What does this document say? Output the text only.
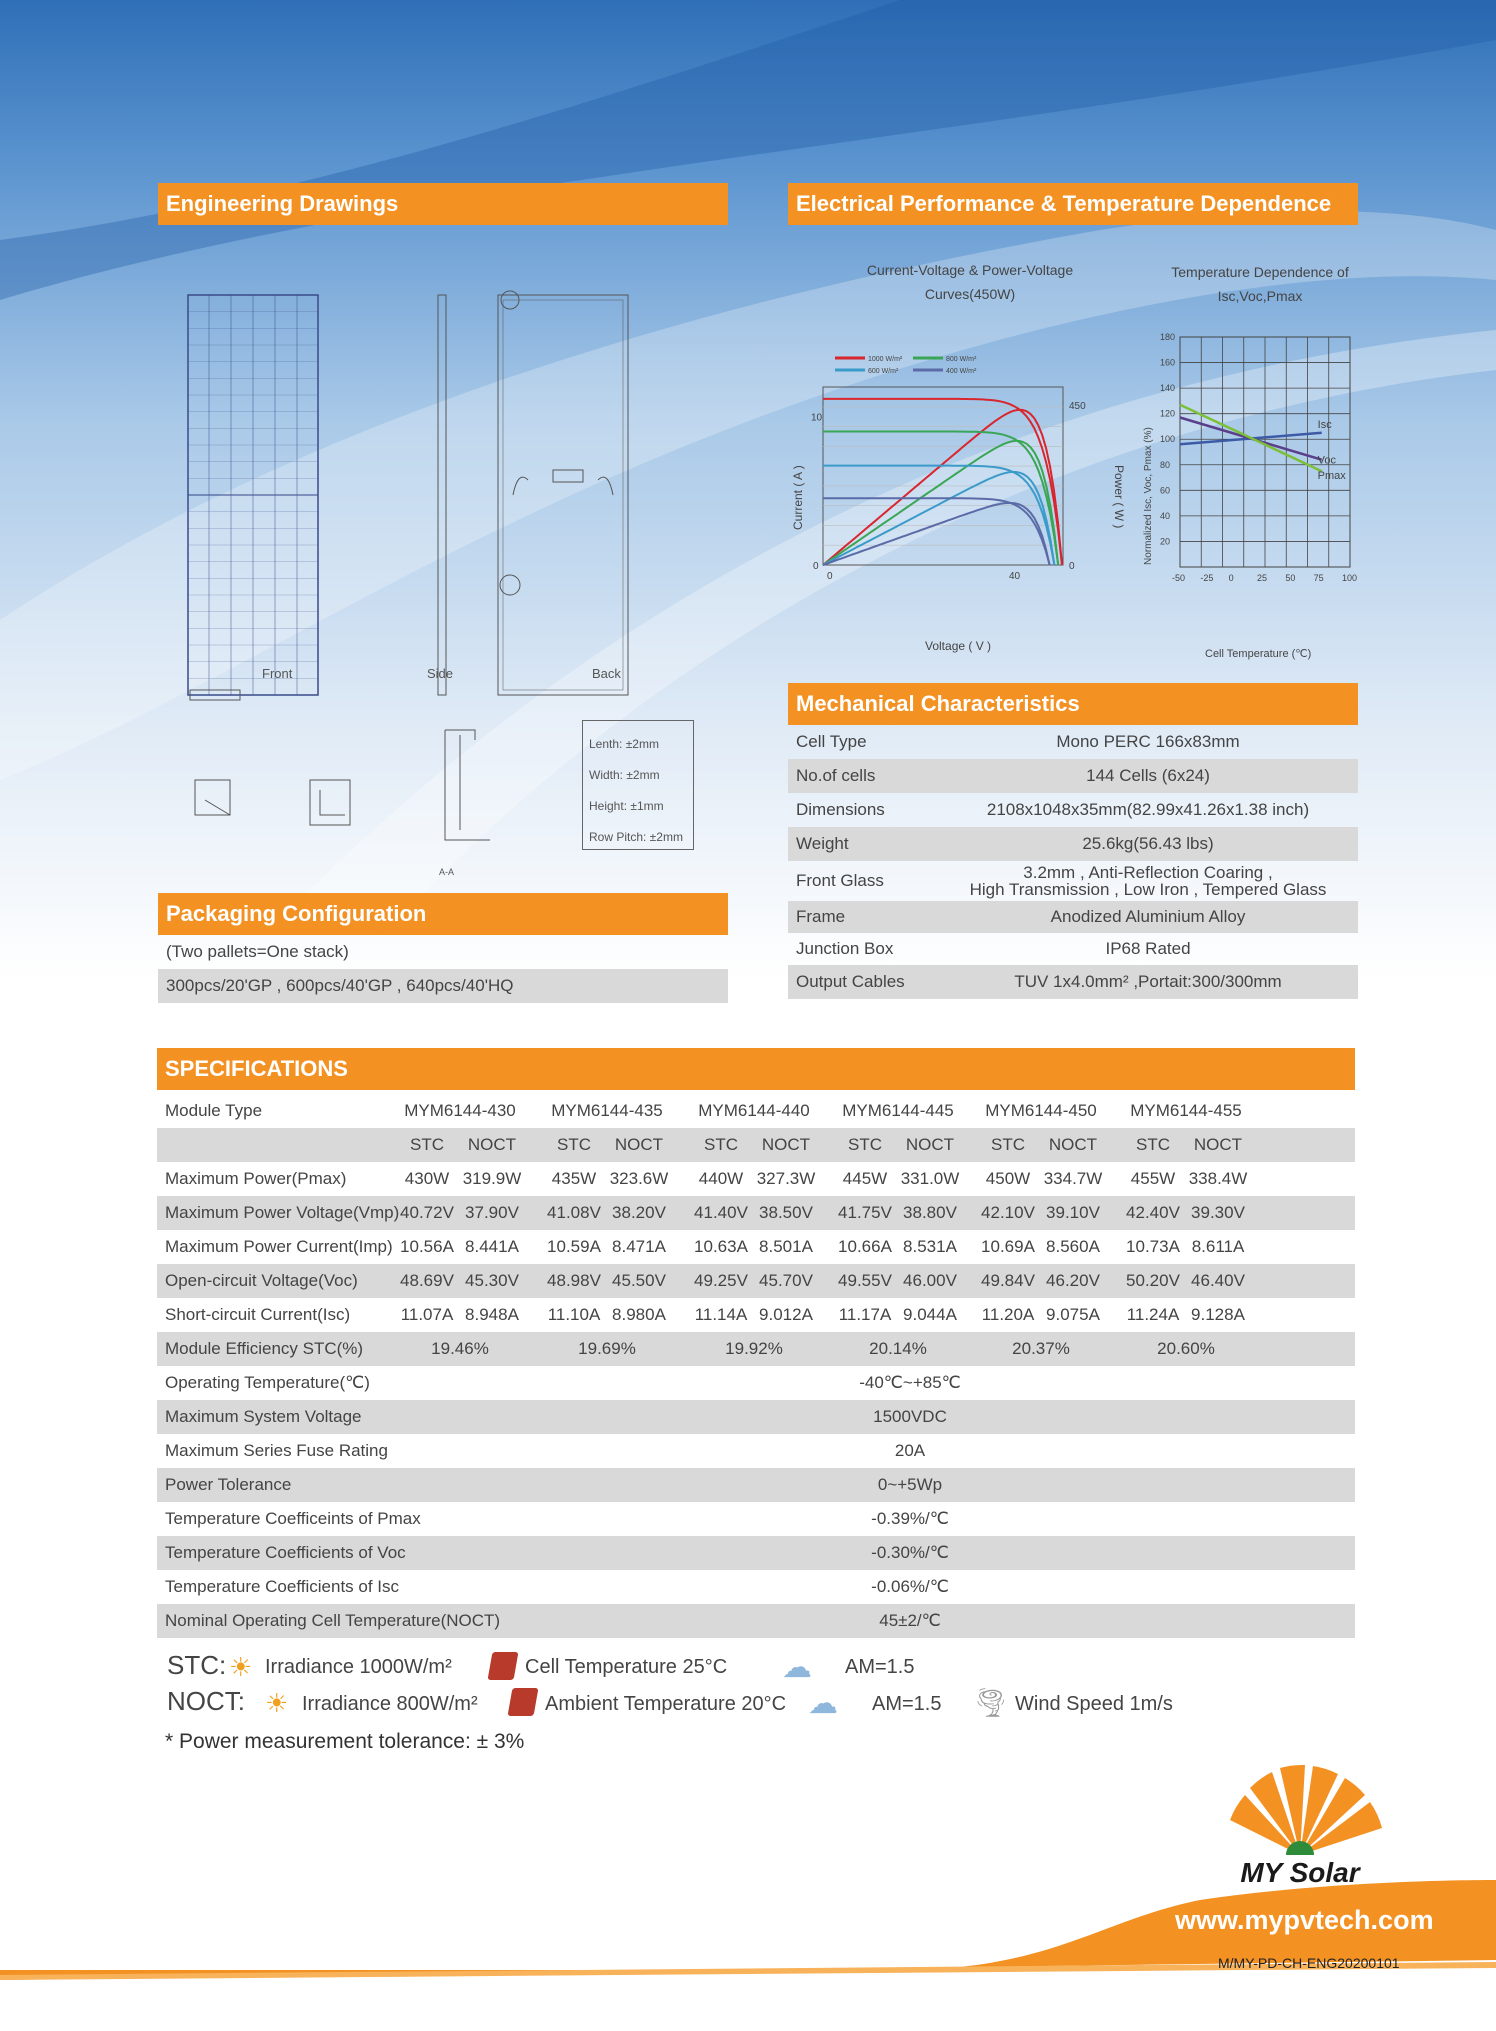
Engineering Drawings
Front	Side	Back
A-A
Lenth: ±2mm
Width: ±2mm
Height: ±1mm
Row Pitch: ±2mm
Packaging Configuration
(Two pallets=One stack)
300pcs/20'GP , 600pcs/40'GP , 640pcs/40'HQ
Electrical Performance & Temperature Dependence
Current-Voltage & Power-Voltage Curves(450W)
1000 W/m²	800 W/m²
600 W/m²	400 W/m²
0
10
0	40
0
450
Voltage ( V )
Current ( A )	Power ( W )
Temperature Dependence of Isc,Voc,Pmax
20
40
60
80
100
120
140
160
180
-50 -25 0	25 50 75 100
Isc
Voc
Pmax
Cell Temperature (℃)
Normalized Isc, Voc, Pmax (%)
Mechanical Characteristics
Cell Type	Mono PERC 166x83mm
No.of cells	144 Cells (6x24)
Dimensions	2108x1048x35mm(82.99x41.26x1.38 inch)
Weight	25.6kg(56.43 lbs)
Front Glass	3.2mm , Anti-Reflection Coaring ,
High Transmission , Low Iron , Tempered Glass
Frame	Anodized Aluminium Alloy
Junction Box	IP68 Rated
Output Cables	TUV 1x4.0mm² ,Portait:300/300mm
SPECIFICATIONS
Module Type	MYM6144-430	MYM6144-435	MYM6144-440	MYM6144-445	MYM6144-450	MYM6144-455
STC	NOCT	STC	NOCT	STC	NOCT	STC	NOCT	STC	NOCT	STC	NOCT
Maximum Power(Pmax)	430W 319.9W	435W 323.6W	440W 327.3W	445W 331.0W	450W 334.7W	455W 338.4W
Maximum Power Voltage(Vmp) 40.72V 37.90V	41.08V 38.20V	41.40V 38.50V	41.75V 38.80V	42.10V 39.10V	42.40V 39.30V
Maximum Power Current(Imp) 10.56A 8.441A	10.59A 8.471A	10.63A 8.501A	10.66A 8.531A	10.69A 8.560A	10.73A 8.611A
Open-circuit Voltage(Voc)	48.69V 45.30V	48.98V 45.50V	49.25V 45.70V	49.55V 46.00V	49.84V 46.20V	50.20V 46.40V
Short-circuit Current(Isc)	11.07A 8.948A	11.10A 8.980A	11.14A 9.012A	11.17A 9.044A	11.20A 9.075A	11.24A 9.128A
Module Efficiency STC(%)	19.46%	19.69%	19.92%	20.14%	20.37%	20.60%
Operating Temperature(℃)	-40℃~+85℃
Maximum System Voltage	1500VDC
Maximum Series Fuse Rating	20A
Power Tolerance	0~+5Wp
Temperature Coefficeints of Pmax	-0.39%/℃
Temperature Coefficients of Voc	-0.30%/℃
Temperature Coefficients of Isc	-0.06%/℃
Nominal Operating Cell Temperature(NOCT)	45±2/℃
STC: ☀ Irradiance 1000W/m²	Cell Temperature 25°C ☁ AM=1.5
NOCT: ☀ Irradiance 800W/m²	Ambient Temperature 20°C ☁ AM=1.5 🌪 Wind Speed 1m/s
* Power measurement tolerance: ± 3%
MY Solar
www.mypvtech.com
M/MY-PD-CH-ENG20200101
